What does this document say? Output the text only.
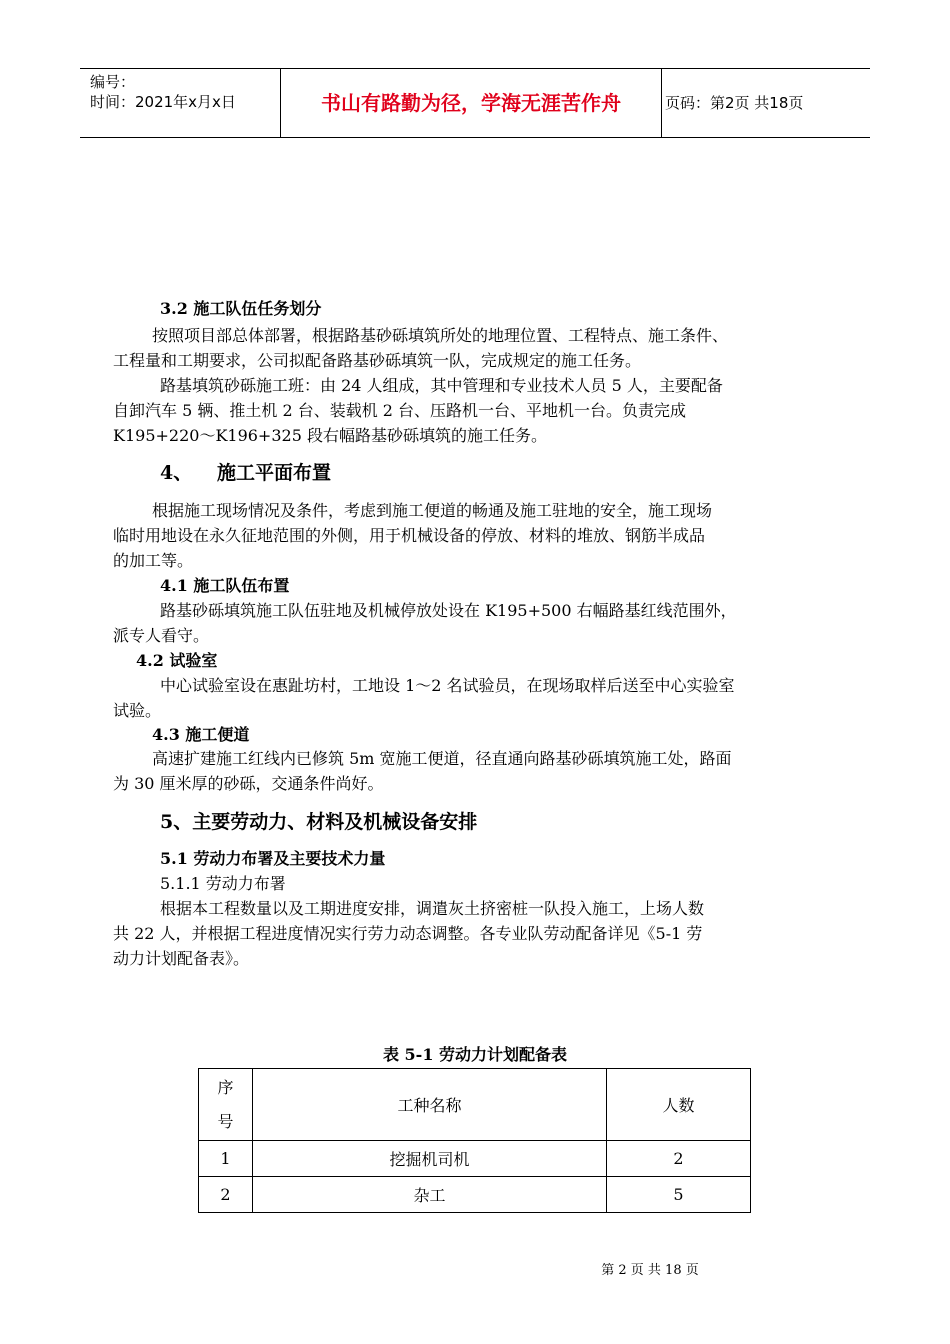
编号：
时间：2021年x月x日	书山有路勤为径，学海无涯苦作舟	页码：第2页 共18页
3.2 施工队伍任务划分
按照项目部总体部署，根据路基砂砾填筑所处的地理位置、工程特点、施工条件、
工程量和工期要求，公司拟配备路基砂砾填筑一队，完成规定的施工任务。
路基填筑砂砾施工班：由 24 人组成，其中管理和专业技术人员 5 人，主要配备
自卸汽车 5 辆、推土机 2 台、装载机 2 台、压路机一台、平地机一台。负责完成
K195+220～K196+325 段右幅路基砂砾填筑的施工任务。
4、 施工平面布置
根据施工现场情况及条件，考虑到施工便道的畅通及施工驻地的安全，施工现场
临时用地设在永久征地范围的外侧，用于机械设备的停放、材料的堆放、钢筋半成品
的加工等。
4.1 施工队伍布置
路基砂砾填筑施工队伍驻地及机械停放处设在 K195+500 右幅路基红线范围外，
派专人看守。
4.2 试验室
中心试验室设在惠趾坊村，工地设 1～2 名试验员，在现场取样后送至中心实验室
试验。
4.3 施工便道
高速扩建施工红线内已修筑 5m 宽施工便道，径直通向路基砂砾填筑施工处，路面
为 30 厘米厚的砂砾，交通条件尚好。
5、主要劳动力、材料及机械设备安排
5.1 劳动力布署及主要技术力量
5.1.1 劳动力布署
根据本工程数量以及工期进度安排，调遣灰土挤密桩一队投入施工，上场人数
共 22 人，并根据工程进度情况实行劳力动态调整。各专业队劳动配备详见《5-1 劳
动力计划配备表》。
表 5-1 劳动力计划配备表
序
号	工种名称	人数
1	挖掘机司机	2
2	杂工	5
第 2 页 共 18 页
